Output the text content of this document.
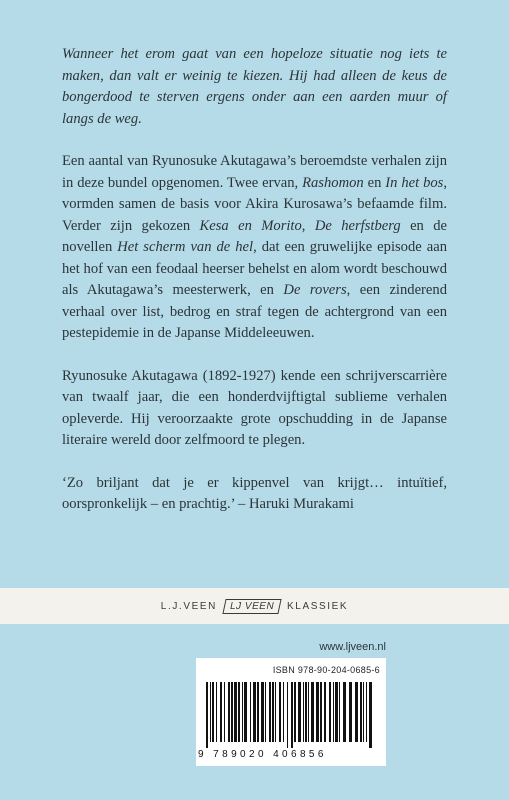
Wanneer het erom gaat van een hopeloze situatie nog iets te maken, dan valt er weinig te kiezen. Hij had alleen de keus de bongerdood te sterven ergens onder aan een aarden muur of langs de weg.

Een aantal van Ryunosuke Akutagawa’s beroemdste verhalen zijn in deze bundel opgenomen. Twee ervan, Rashomon en In het bos, vormden samen de basis voor Akira Kurosawa’s befaamde film. Verder zijn gekozen Kesa en Morito, De herfstberg en de novellen Het scherm van de hel, dat een gruwelijke episode aan het hof van een feodaal heerser behelst en alom wordt beschouwd als Akutagawa’s meesterwerk, en De rovers, een zinderend verhaal over list, bedrog en straf tegen de achtergrond van een pestepidemie in de Japanse Middeleeuwen.

Ryunosuke Akutagawa (1892-1927) kende een schrijverscarrière van twaalf jaar, die een honderdvijftigtal sublieme verhalen opleverde. Hij veroorzaakte grote opschudding in de Japanse literaire wereld door zelfmoord te plegen.

‘Zo briljant dat je er kippenvel van krijgt… intuïtief, oorspronkelijk – en prachtig.’ – Haruki Murakami

L.J.VEEN	LJ VEEN	KLASSIEK
www.ljveen.nl
ISBN 978-90-204-0685-6
9 789020 406856
